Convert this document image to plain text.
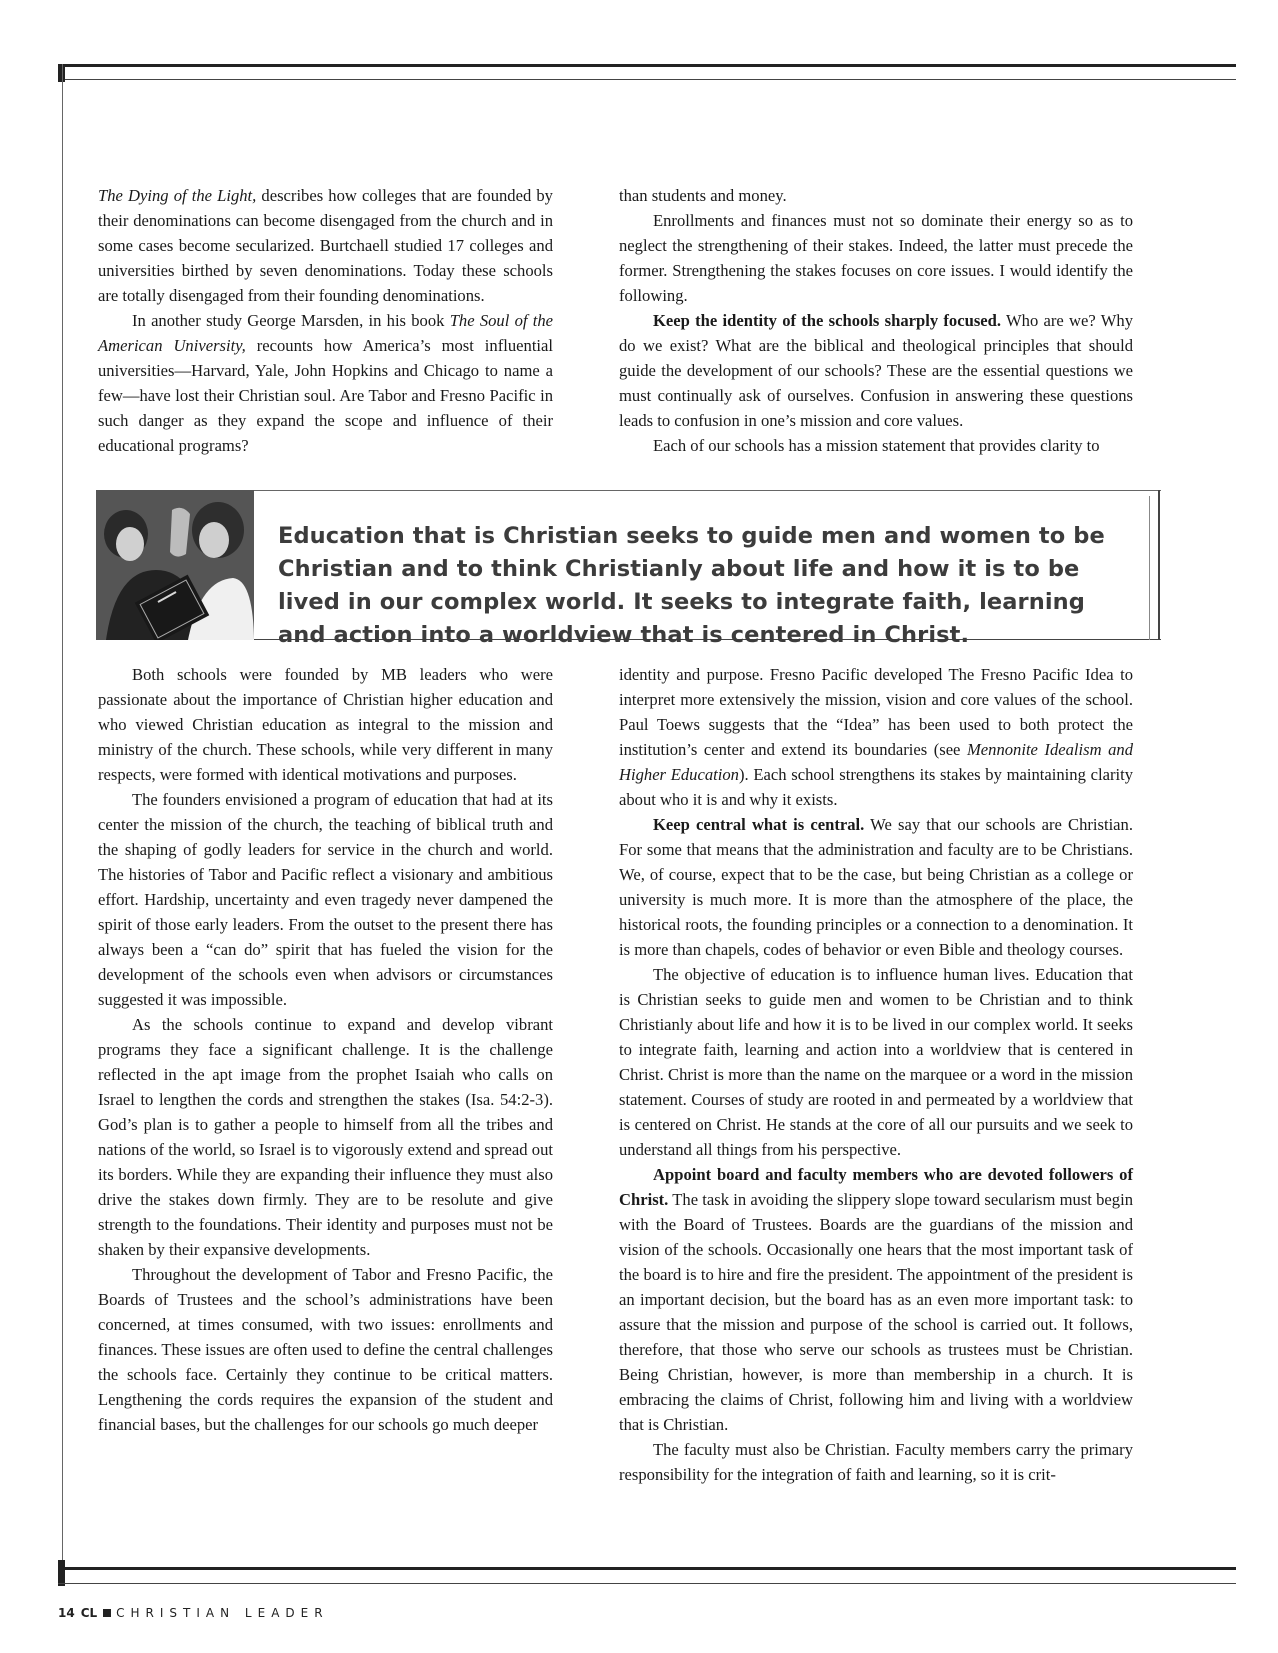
The Dying of the Light, describes how colleges that are founded by their denominations can become disengaged from the church and in some cases become secularized. Burtchaell studied 17 colleges and universities birthed by seven denominations. Today these schools are totally disengaged from their founding denominations.

In another study George Marsden, in his book The Soul of the American University, recounts how America’s most influential universities—Harvard, Yale, John Hopkins and Chicago to name a few—have lost their Christian soul. Are Tabor and Fresno Pacific in such danger as they expand the scope and influence of their educational programs?

than students and money.

Enrollments and finances must not so dominate their energy so as to neglect the strengthening of their stakes. Indeed, the latter must precede the former. Strengthening the stakes focuses on core issues. I would identify the following.

Keep the identity of the schools sharply focused. Who are we? Why do we exist? What are the biblical and theological principles that should guide the development of our schools? These are the essential questions we must continually ask of ourselves. Confusion in answering these questions leads to confusion in one’s mission and core values.

Each of our schools has a mission statement that provides clarity to

Education that is Christian seeks to guide men and women to be Christian and to think Christianly about life and how it is to be lived in our complex world. It seeks to integrate faith, learning and action into a worldview that is centered in Christ.

Both schools were founded by MB leaders who were passionate about the importance of Christian higher education and who viewed Christian education as integral to the mission and ministry of the church. These schools, while very different in many respects, were formed with identical motivations and purposes.

The founders envisioned a program of education that had at its center the mission of the church, the teaching of biblical truth and the shaping of godly leaders for service in the church and world. The histories of Tabor and Pacific reflect a visionary and ambitious effort. Hardship, uncertainty and even tragedy never dampened the spirit of those early leaders. From the outset to the present there has always been a “can do” spirit that has fueled the vision for the development of the schools even when advisors or circumstances suggested it was impossible.

As the schools continue to expand and develop vibrant programs they face a significant challenge. It is the challenge reflected in the apt image from the prophet Isaiah who calls on Israel to lengthen the cords and strengthen the stakes (Isa. 54:2-3). God’s plan is to gather a people to himself from all the tribes and nations of the world, so Israel is to vigorously extend and spread out its borders. While they are expanding their influence they must also drive the stakes down firmly. They are to be resolute and give strength to the foundations. Their identity and purposes must not be shaken by their expansive developments.

Throughout the development of Tabor and Fresno Pacific, the Boards of Trustees and the school’s administrations have been concerned, at times consumed, with two issues: enrollments and finances. These issues are often used to define the central challenges the schools face. Certainly they continue to be critical matters. Lengthening the cords requires the expansion of the student and financial bases, but the challenges for our schools go much deeper

identity and purpose. Fresno Pacific developed The Fresno Pacific Idea to interpret more extensively the mission, vision and core values of the school. Paul Toews suggests that the “Idea” has been used to both protect the institution’s center and extend its boundaries (see Mennonite Idealism and Higher Education). Each school strengthens its stakes by maintaining clarity about who it is and why it exists.

Keep central what is central. We say that our schools are Christian. For some that means that the administration and faculty are to be Christians. We, of course, expect that to be the case, but being Christian as a college or university is much more. It is more than the atmosphere of the place, the historical roots, the founding principles or a connection to a denomination. It is more than chapels, codes of behavior or even Bible and theology courses.

The objective of education is to influence human lives. Education that is Christian seeks to guide men and women to be Christian and to think Christianly about life and how it is to be lived in our complex world. It seeks to integrate faith, learning and action into a worldview that is centered in Christ. Christ is more than the name on the marquee or a word in the mission statement. Courses of study are rooted in and permeated by a worldview that is centered on Christ. He stands at the core of all our pursuits and we seek to understand all things from his perspective.

Appoint board and faculty members who are devoted followers of Christ. The task in avoiding the slippery slope toward secularism must begin with the Board of Trustees. Boards are the guardians of the mission and vision of the schools. Occasionally one hears that the most important task of the board is to hire and fire the president. The appointment of the president is an important decision, but the board has as an even more important task: to assure that the mission and purpose of the school is carried out. It follows, therefore, that those who serve our schools as trustees must be Christian. Being Christian, however, is more than membership in a church. It is embracing the claims of Christ, following him and living with a worldview that is Christian.

The faculty must also be Christian. Faculty members carry the primary responsibility for the integration of faith and learning, so it is crit-

14 CL CHRISTIAN LEADER
